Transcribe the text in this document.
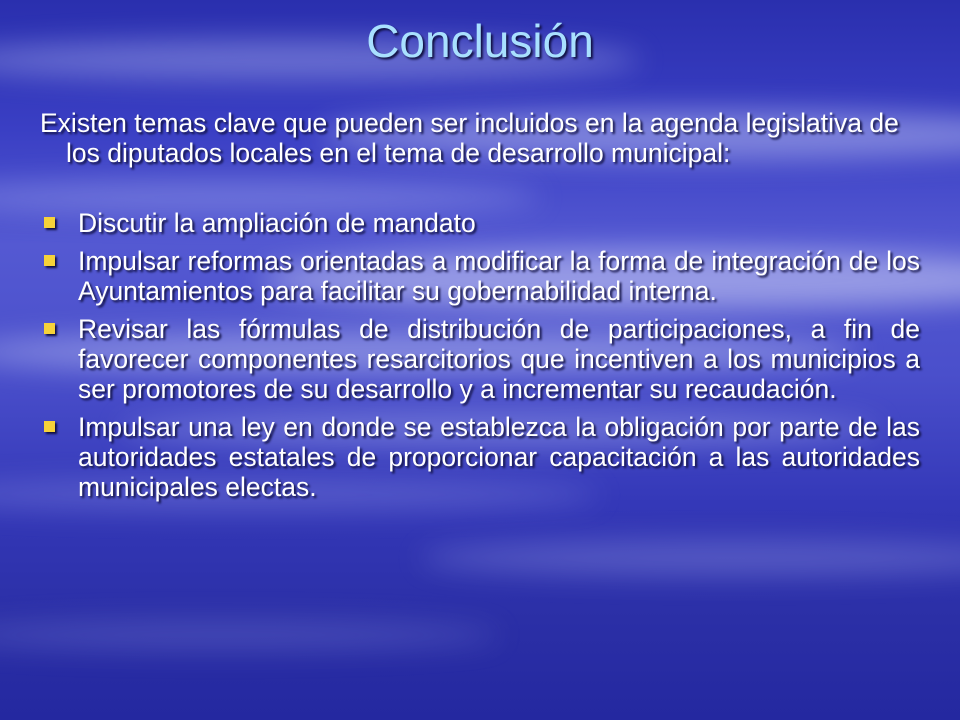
Conclusión

Existen temas clave que pueden ser incluidos en la agenda legislativa de los diputados locales en el tema de desarrollo municipal:

Discutir la ampliación de mandato
Impulsar reformas orientadas a modificar la forma de integración de los Ayuntamientos para facilitar su gobernabilidad interna.
Revisar las fórmulas de distribución de participaciones, a fin de favorecer componentes resarcitorios que incentiven a los municipios a ser promotores de su desarrollo y a incrementar su recaudación.
Impulsar una ley en donde se establezca la obligación por parte de las autoridades estatales de proporcionar capacitación a las autoridades municipales electas.
